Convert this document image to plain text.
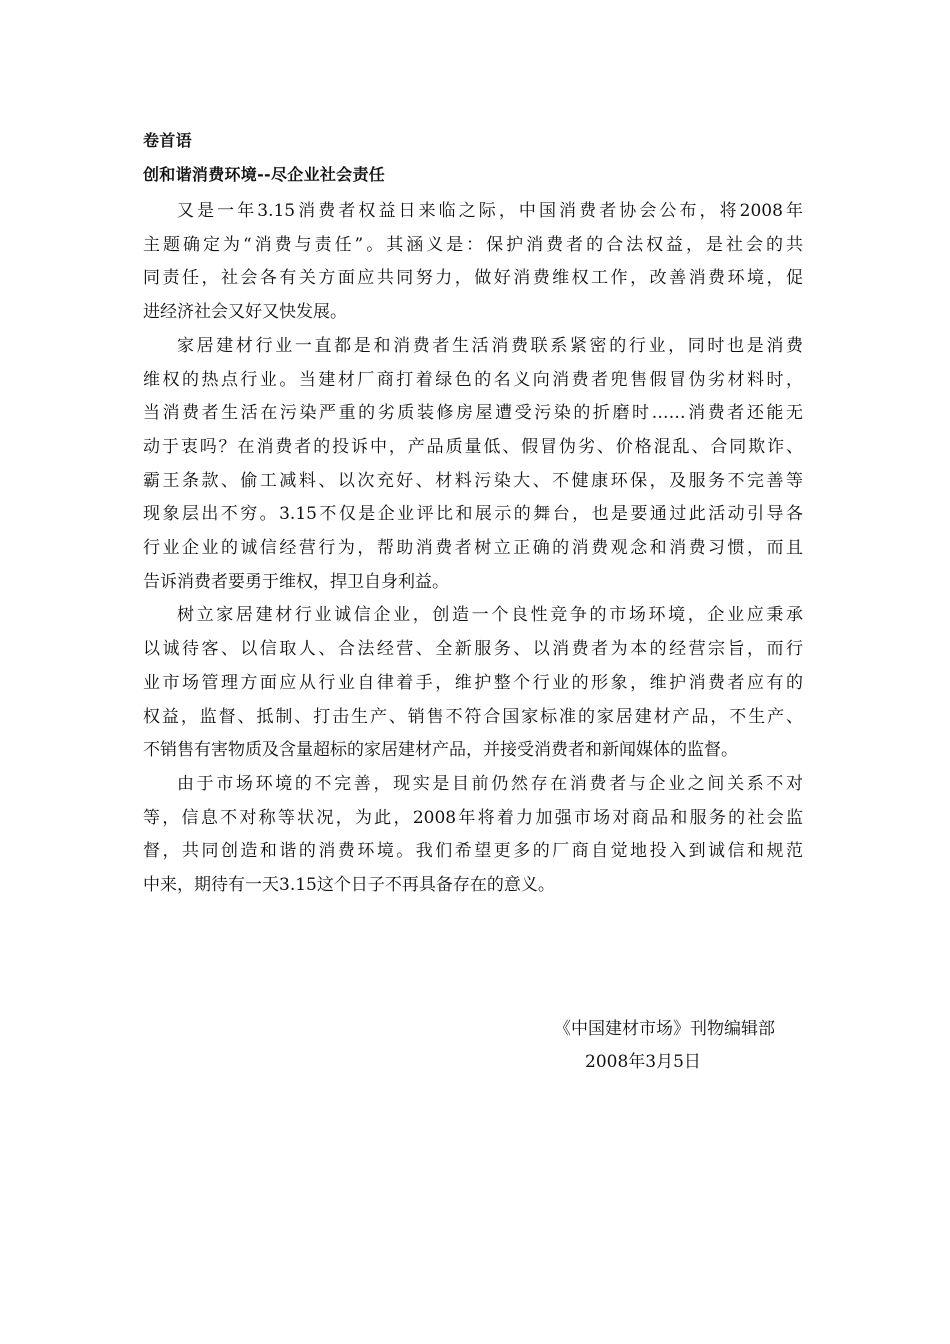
卷首语
创和谐消费环境--尽企业社会责任

又是一年3.15消费者权益日来临之际，中国消费者协会公布，将2008年
主题确定为“消费与责任”。其涵义是：保护消费者的合法权益，是社会的共
同责任，社会各有关方面应共同努力，做好消费维权工作，改善消费环境，促
进经济社会又好又快发展。

家居建材行业一直都是和消费者生活消费联系紧密的行业，同时也是消费
维权的热点行业。当建材厂商打着绿色的名义向消费者兜售假冒伪劣材料时，
当消费者生活在污染严重的劣质装修房屋遭受污染的折磨时……消费者还能无
动于衷吗？在消费者的投诉中，产品质量低、假冒伪劣、价格混乱、合同欺诈、
霸王条款、偷工减料、以次充好、材料污染大、不健康环保，及服务不完善等
现象层出不穷。3.15不仅是企业评比和展示的舞台，也是要通过此活动引导各
行业企业的诚信经营行为，帮助消费者树立正确的消费观念和消费习惯，而且
告诉消费者要勇于维权，捍卫自身利益。

树立家居建材行业诚信企业，创造一个良性竞争的市场环境，企业应秉承
以诚待客、以信取人、合法经营、全新服务、以消费者为本的经营宗旨，而行
业市场管理方面应从行业自律着手，维护整个行业的形象，维护消费者应有的
权益，监督、抵制、打击生产、销售不符合国家标准的家居建材产品，不生产、
不销售有害物质及含量超标的家居建材产品，并接受消费者和新闻媒体的监督。

由于市场环境的不完善，现实是目前仍然存在消费者与企业之间关系不对
等，信息不对称等状况，为此，2008年将着力加强市场对商品和服务的社会监
督，共同创造和谐的消费环境。我们希望更多的厂商自觉地投入到诚信和规范
中来，期待有一天3.15这个日子不再具备存在的意义。

《中国建材市场》刊物编辑部

2008年3月5日
